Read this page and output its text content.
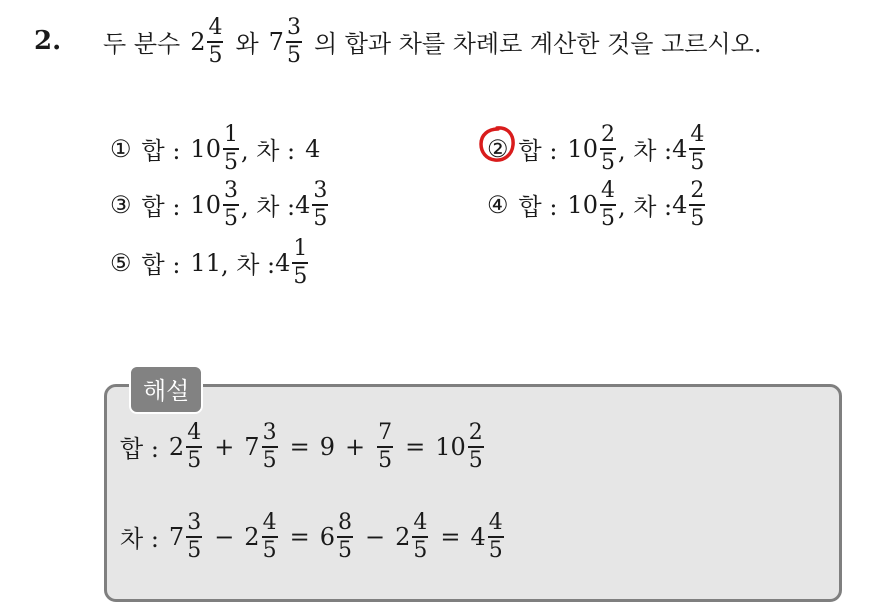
2. 두 분수 $2 \frac{4}{5}$ 와 $7 \frac{3}{5}$ 의 합과 차를 차례로 계산한 것을 고르시오.
① 합 : $10 \frac{1}{5}$ , 차 : 4	② 합 : $10 \frac{2}{5}$ , 차 : $4 \frac{4}{5}$
③ 합 : $10 \frac{3}{5}$ , 차 : $4 \frac{3}{5}$	④ 합 : $10 \frac{4}{5}$ , 차 : $4 \frac{2}{5}$
⑤ 합 : 11 , 차 : $4 \frac{1}{5}$
해설
합 : $2 \frac{4}{5} + 7 \frac{3}{5} = 9 + \frac{7}{5} = 10 \frac{2}{5}$
차 : $7 \frac{3}{5} - 2 \frac{4}{5} = 6 \frac{8}{5} - 2 \frac{4}{5} = 4 \frac{4}{5}$
